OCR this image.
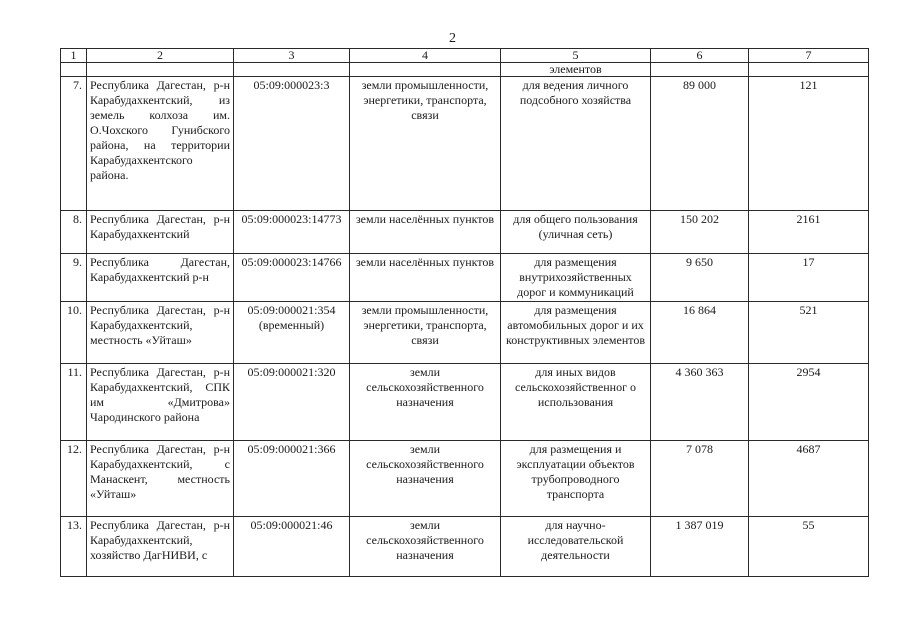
2
1	2	3	4	5	6	7
				элементов		
7.	Республика Дагестан, р-н Карабудахкентский, из земель колхоза им. О.Чохского Гунибского района, на территории Карабудахкентского района.	05:09:000023:3	земли промышленности, энергетики, транспорта, связи	для ведения личного подсобного хозяйства	89 000	121
8.	Республика Дагестан, р-н Карабудахкентский	05:09:000023:14773	земли населённых пунктов	для общего пользования (уличная сеть)	150 202	2161
9.	Республика Дагестан, Карабудахкентский р-н	05:09:000023:14766	земли населённых пунктов	для размещения внутрихозяйственных дорог и коммуникаций	9 650	17
10.	Республика Дагестан, р-н Карабудахкентский, местность «Уйташ»	05:09:000021:354 (временный)	земли промышленности, энергетики, транспорта, связи	для размещения автомобильных дорог и их конструктивных элементов	16 864	521
11.	Республика Дагестан, р-н Карабудахкентский, СПК им «Дмитрова» Чародинского района	05:09:000021:320	земли сельскохозяйственного назначения	для иных видов сельскохозяйственног о использования	4 360 363	2954
12.	Республика Дагестан, р-н Карабудахкентский, с Манаскент, местность «Уйташ»	05:09:000021:366	земли сельскохозяйственного назначения	для размещения и эксплуатации объектов трубопроводного транспорта	7 078	4687
13.	Республика Дагестан, р-н Карабудахкентский, хозяйство ДагНИВИ, с	05:09:000021:46	земли сельскохозяйственного назначения	для научно-исследовательской деятельности	1 387 019	55
